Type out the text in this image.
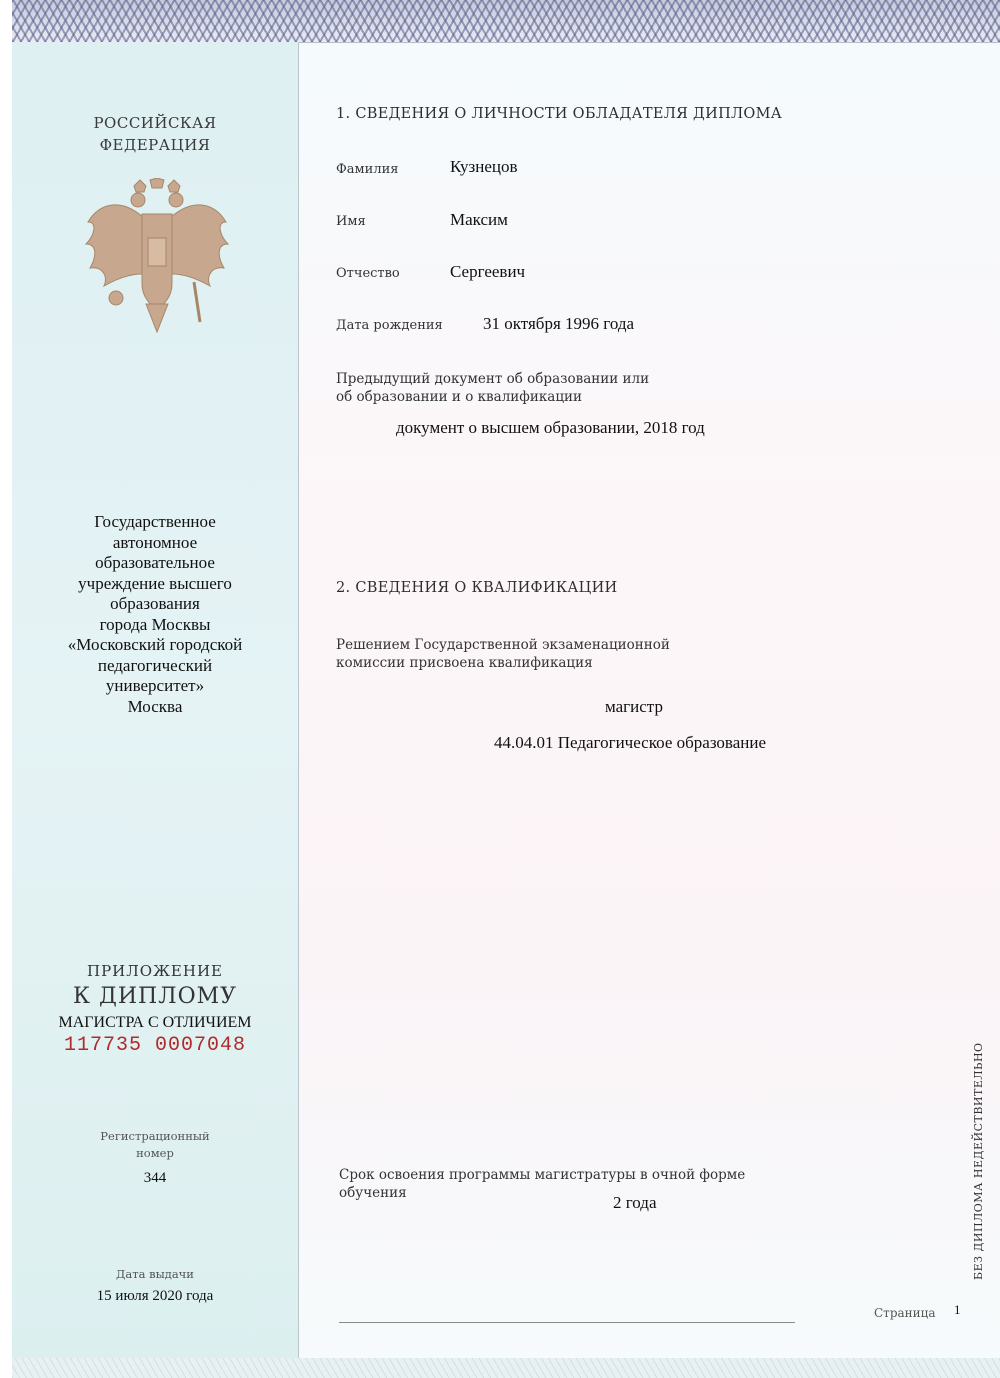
РОССИЙСКАЯ
ФЕДЕРАЦИЯ
Государственное
автономное
образовательное
учреждение высшего
образования
города Москвы
«Московский городской
педагогический
университет»
Москва
ПРИЛОЖЕНИЕ
К ДИПЛОМУ
МАГИСТРА С ОТЛИЧИЕМ
117735 0007048
Регистрационный
номер
344
Дата выдачи
15 июля 2020 года
1. СВЕДЕНИЯ О ЛИЧНОСТИ ОБЛАДАТЕЛЯ ДИПЛОМА
Фамилия	Кузнецов
Имя	Максим
Отчество	Сергеевич
Дата рождения 31 октября 1996 года
Предыдущий документ об образовании или
об образовании и о квалификации
документ о высшем образовании, 2018 год
2. СВЕДЕНИЯ О КВАЛИФИКАЦИИ
Решением Государственной экзаменационной
комиссии присвоена квалификация
магистр
44.04.01 Педагогическое образование
Срок освоения программы магистратуры в очной форме
обучения	2 года
Страница 1
БЕЗ ДИПЛОМА НЕДЕЙСТВИТЕЛЬНО
